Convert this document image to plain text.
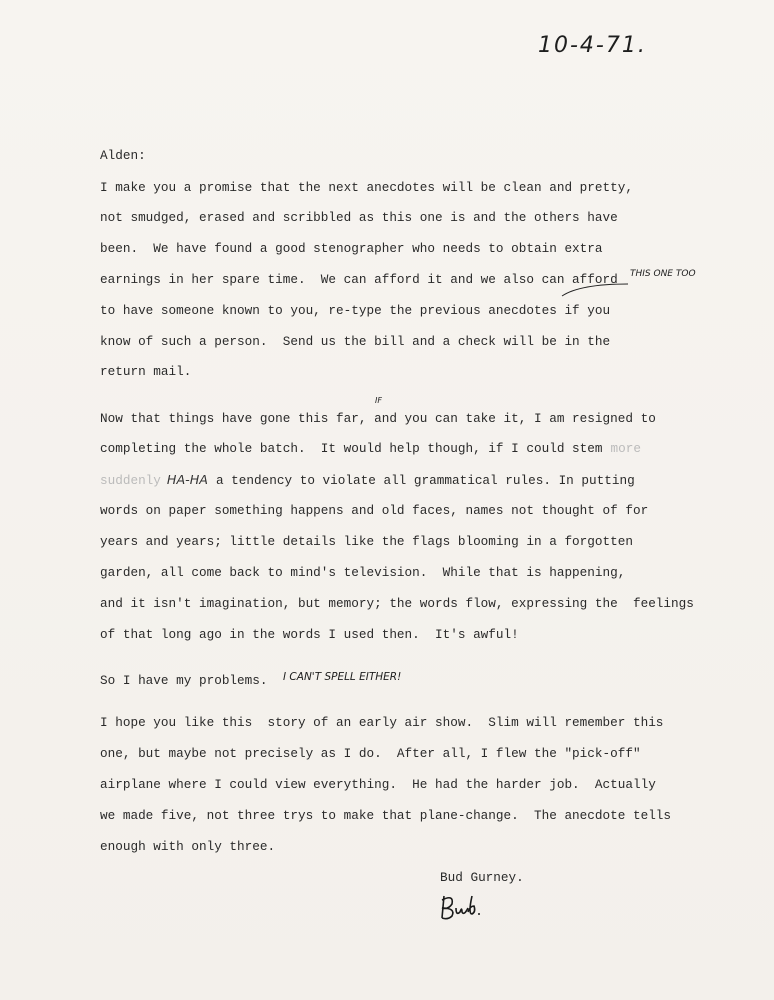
10-4-71.
Alden:
I make you a promise that the next anecdotes will be clean and pretty,
not smudged, erased and scribbled as this one is and the others have
been.  We have found a good stenographer who needs to obtain extra
earnings in her spare time.  We can afford it and we also can afford
to have someone known to you, re-type the previous anecdotes if you
know of such a person.  Send us the bill and a check will be in the
return mail.
THIS ONE TOO
Now that things have gone this far, and you can take it, I am resigned to
completing the whole batch.  It would help though, if I could stem more
suddenly HA-HA a tendency to violate all grammatical rules. In putting
words on paper something happens and old faces, names not thought of for
years and years; little details like the flags blooming in a forgotten
garden, all come back to mind's television.  While that is happening,
and it isn't imagination, but memory; the words flow, expressing the  feelings
of that long ago in the words I used then.  It's awful!
IF
So I have my problems. I CAN'T SPELL EITHER!
I hope you like this  story of an early air show.  Slim will remember this
one, but maybe not precisely as I do.  After all, I flew the "pick-off"
airplane where I could view everything.  He had the harder job.  Actually
we made five, not three trys to make that plane-change.  The anecdote tells
enough with only three.
Bud Gurney.
